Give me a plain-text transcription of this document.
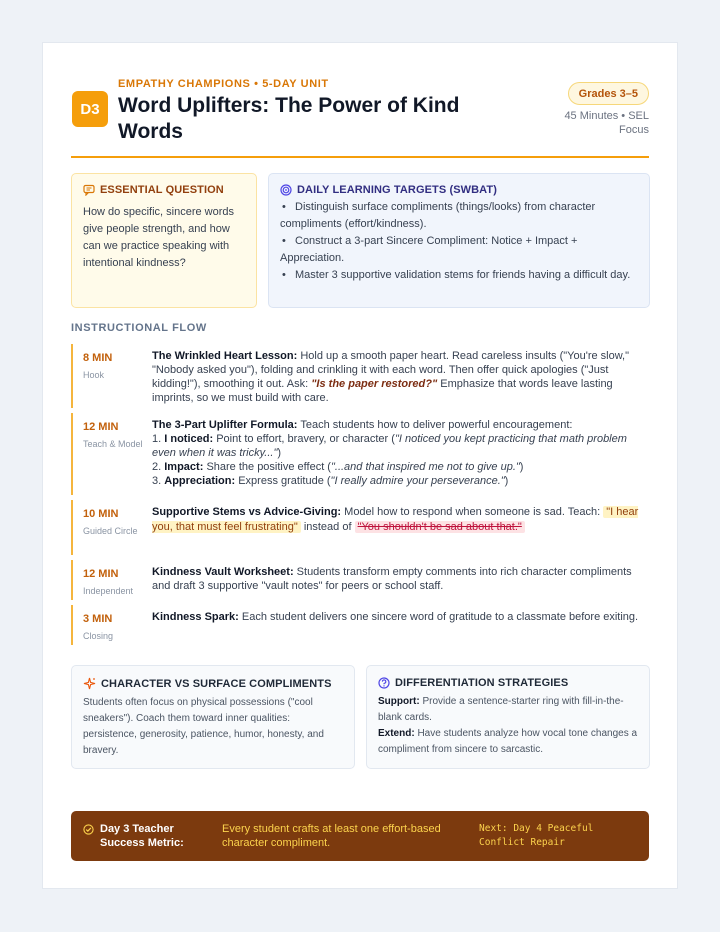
D3
EMPATHY CHAMPIONS • 5-DAY UNIT
Word Uplifters: The Power of Kind Words
Grades 3–5
45 Minutes • SEL Focus
ESSENTIAL QUESTION
How do specific, sincere words give people strength, and how can we practice speaking with intentional kindness?
DAILY LEARNING TARGETS (SWBAT)
• Distinguish surface compliments (things/looks) from character compliments (effort/kindness).
• Construct a 3-part Sincere Compliment: Notice + Impact + Appreciation.
• Master 3 supportive validation stems for friends having a difficult day.
INSTRUCTIONAL FLOW
8 MIN
Hook
The Wrinkled Heart Lesson: Hold up a smooth paper heart. Read careless insults ("You're slow," "Nobody asked you"), folding and crinkling it with each word. Then offer quick apologies ("Just kidding!"), smoothing it out. Ask: "Is the paper restored?" Emphasize that words leave lasting imprints, so we must build with care.
12 MIN
Teach & Model
The 3-Part Uplifter Formula: Teach students how to deliver powerful encouragement:
1. I noticed: Point to effort, bravery, or character ("I noticed you kept practicing that math problem even when it was tricky...")
2. Impact: Share the positive effect ("...and that inspired me not to give up.")
3. Appreciation: Express gratitude ("I really admire your perseverance.")
10 MIN
Guided Circle
Supportive Stems vs Advice-Giving: Model how to respond when someone is sad. Teach: "I hear you, that must feel frustrating" instead of "You shouldn't be sad about that."
12 MIN
Independent
Kindness Vault Worksheet: Students transform empty comments into rich character compliments and draft 3 supportive "vault notes" for peers or school staff.
3 MIN
Closing
Kindness Spark: Each student delivers one sincere word of gratitude to a classmate before exiting.
CHARACTER VS SURFACE COMPLIMENTS
Students often focus on physical possessions ("cool sneakers"). Coach them toward inner qualities: persistence, generosity, patience, humor, honesty, and bravery.
DIFFERENTIATION STRATEGIES
Support: Provide a sentence-starter ring with fill-in-the-blank cards.
Extend: Have students analyze how vocal tone changes a compliment from sincere to sarcastic.
Day 3 Teacher Success Metric:
Every student crafts at least one effort-based character compliment.
Next: Day 4 Peaceful Conflict Repair
